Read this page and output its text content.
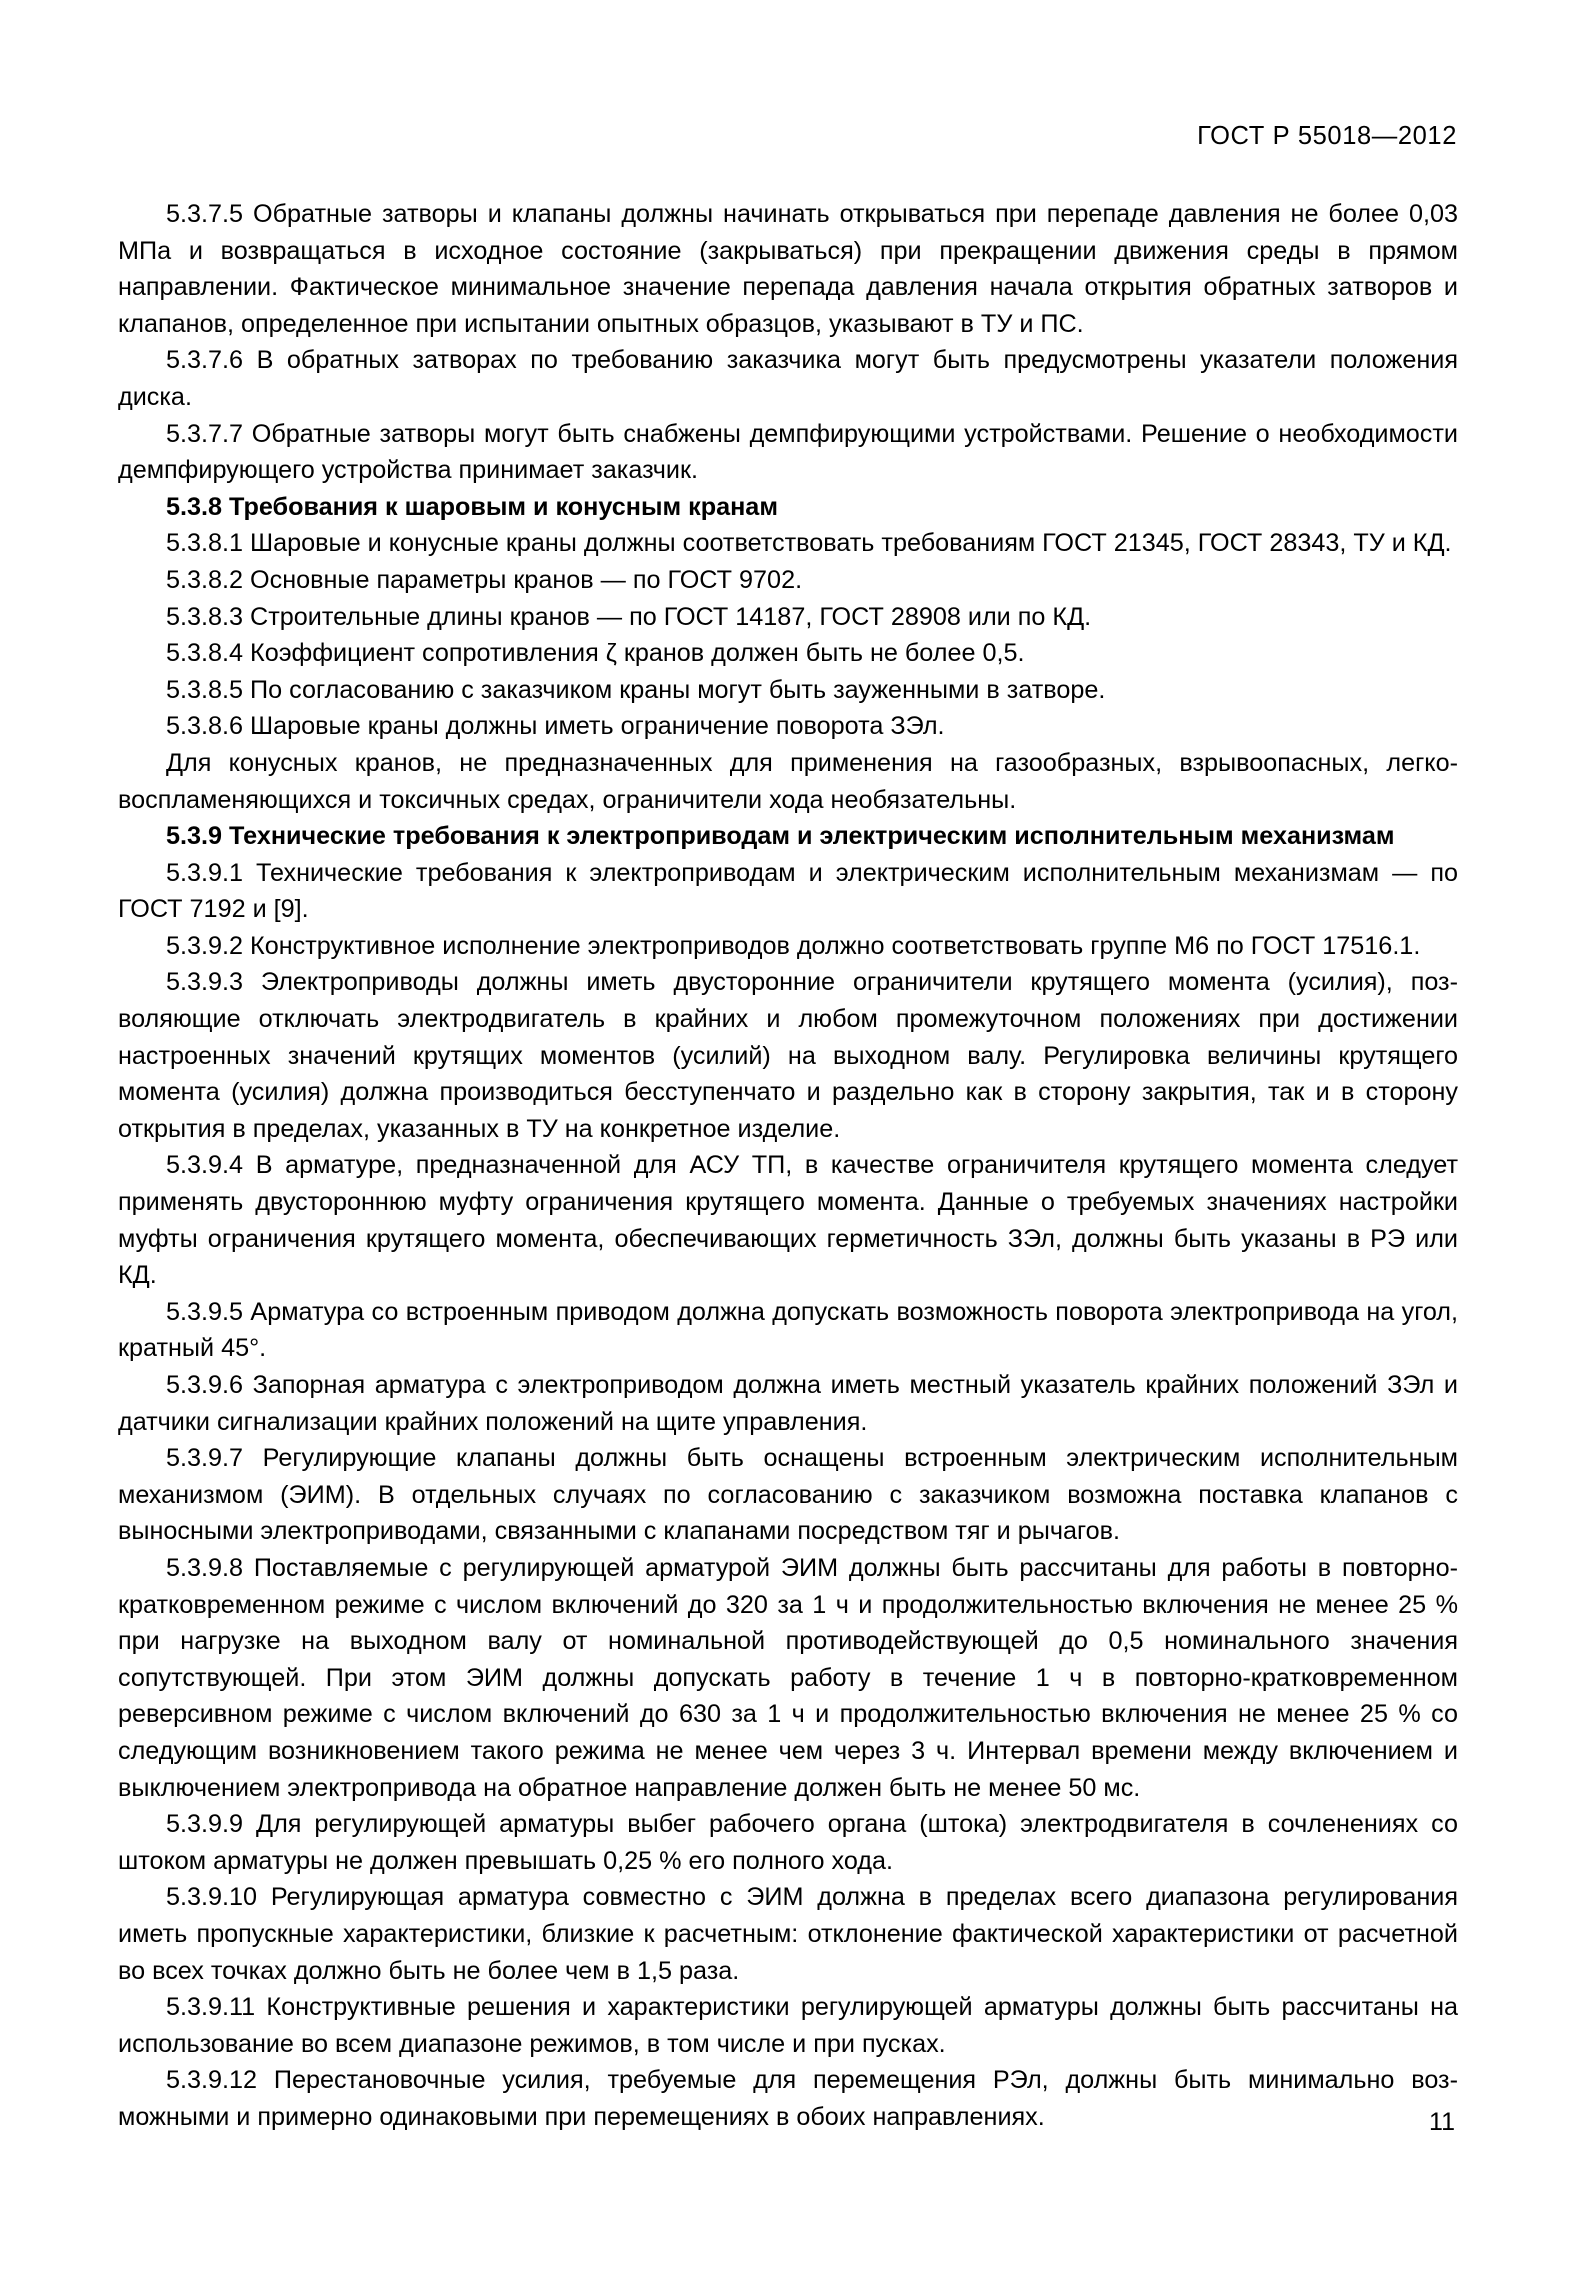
ГОСТ Р 55018—2012

5.3.7.5 Обратные затворы и клапаны должны начинать открываться при перепаде давления не более 0,03 МПа и возвращаться в исходное состояние (закрываться) при прекращении движения среды в прямом направлении. Фактическое минимальное значение перепада давления начала открытия обратных затворов и клапанов, определенное при испытании опытных образцов, указывают в ТУ и ПС.

5.3.7.6 В обратных затворах по требованию заказчика могут быть предусмотрены указатели положения диска.

5.3.7.7 Обратные затворы могут быть снабжены демпфирующими устройствами. Решение о необходимости демпфирующего устройства принимает заказчик.

5.3.8 Требования к шаровым и конусным кранам

5.3.8.1 Шаровые и конусные краны должны соответствовать требованиям ГОСТ 21345, ГОСТ 28343, ТУ и КД.

5.3.8.2 Основные параметры кранов — по ГОСТ 9702.

5.3.8.3 Строительные длины кранов — по ГОСТ 14187, ГОСТ 28908 или по КД.

5.3.8.4 Коэффициент сопротивления ζ кранов должен быть не более 0,5.

5.3.8.5 По согласованию с заказчиком краны могут быть зауженными в затворе.

5.3.8.6 Шаровые краны должны иметь ограничение поворота ЗЭл.

Для конусных кранов, не предназначенных для применения на газообразных, взрывоопасных, легковоспламеняющихся и токсичных средах, ограничители хода необязательны.

5.3.9 Технические требования к электроприводам и электрическим исполнительным механизмам

5.3.9.1 Технические требования к электроприводам и электрическим исполнительным механизмам — по ГОСТ 7192 и [9].

5.3.9.2 Конструктивное исполнение электроприводов должно соответствовать группе М6 по ГОСТ 17516.1.

5.3.9.3 Электроприводы должны иметь двусторонние ограничители крутящего момента (усилия), позволяющие отключать электродвигатель в крайних и любом промежуточном положениях при достижении настроенных значений крутящих моментов (усилий) на выходном валу. Регулировка величины крутящего момента (усилия) должна производиться бесступенчато и раздельно как в сторону закрытия, так и в сторону открытия в пределах, указанных в ТУ на конкретное изделие.

5.3.9.4 В арматуре, предназначенной для АСУ ТП, в качестве ограничителя крутящего момента следует применять двустороннюю муфту ограничения крутящего момента. Данные о требуемых значениях настройки муфты ограничения крутящего момента, обеспечивающих герметичность ЗЭл, должны быть указаны в РЭ или КД.

5.3.9.5 Арматура со встроенным приводом должна допускать возможность поворота электропривода на угол, кратный 45°.

5.3.9.6 Запорная арматура с электроприводом должна иметь местный указатель крайних положений ЗЭл и датчики сигнализации крайних положений на щите управления.

5.3.9.7 Регулирующие клапаны должны быть оснащены встроенным электрическим исполнительным механизмом (ЭИМ). В отдельных случаях по согласованию с заказчиком возможна поставка клапанов с выносными электроприводами, связанными с клапанами посредством тяг и рычагов.

5.3.9.8 Поставляемые с регулирующей арматурой ЭИМ должны быть рассчитаны для работы в повторно-кратковременном режиме с числом включений до 320 за 1 ч и продолжительностью включения не менее 25 % при нагрузке на выходном валу от номинальной противодействующей до 0,5 номинального значения сопутствующей. При этом ЭИМ должны допускать работу в течение 1 ч в повторно-кратковременном реверсивном режиме с числом включений до 630 за 1 ч и продолжительностью включения не менее 25 % со следующим возникновением такого режима не менее чем через 3 ч. Интервал времени между включением и выключением электропривода на обратное направление должен быть не менее 50 мс.

5.3.9.9 Для регулирующей арматуры выбег рабочего органа (штока) электродвигателя в сочленениях со штоком арматуры не должен превышать 0,25 % его полного хода.

5.3.9.10 Регулирующая арматура совместно с ЭИМ должна в пределах всего диапазона регулирования иметь пропускные характеристики, близкие к расчетным: отклонение фактической характеристики от расчетной во всех точках должно быть не более чем в 1,5 раза.

5.3.9.11 Конструктивные решения и характеристики регулирующей арматуры должны быть рассчитаны на использование во всем диапазоне режимов, в том числе и при пусках.

5.3.9.12 Перестановочные усилия, требуемые для перемещения РЭл, должны быть минимально возможными и примерно одинаковыми при перемещениях в обоих направлениях.	11
